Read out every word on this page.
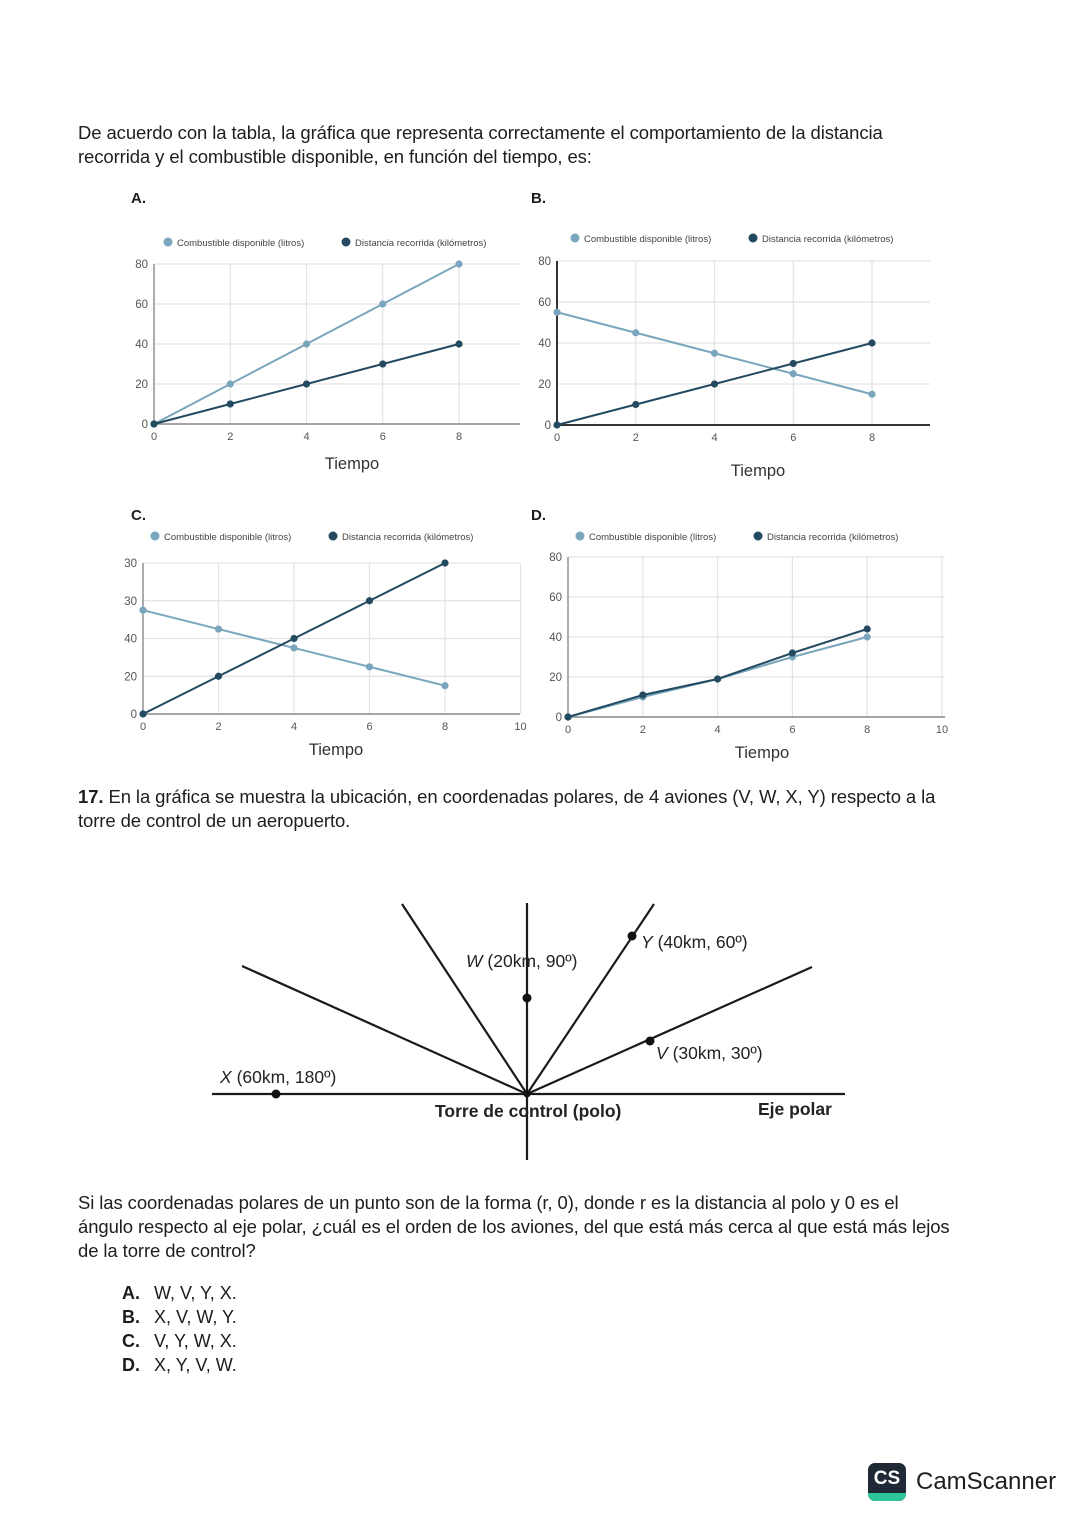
De acuerdo con la tabla, la gráfica que representa correctamente el comportamiento de la distancia
recorrida y el combustible disponible, en función del tiempo, es:
A.	B.
C.	D.
0
20
40
60
80
0	2	4	6	8
Combustible disponible (litros)	Distancia recorrida (kilómetros)
Tiempo
0
20
40
60
80
0	2	4	6	8
Combustible disponible (litros)	Distancia recorrida (kilómetros)
Tiempo
0
20
40
30
30
0	2	4	6	8	10
Combustible disponible (litros)	Distancia recorrida (kilómetros)
Tiempo
0
20
40
60
80
0	2	4	6	8	10
Combustible disponible (litros)	Distancia recorrida (kilómetros)
Tiempo
17. En la gráfica se muestra la ubicación, en coordenadas polares, de 4 aviones (V, W, X, Y) respecto a la
torre de control de un aeropuerto.
W (20km, 90º)
Y (40km, 60º)
V (30km, 30º)
X (60km, 180º)
Torre de control (polo)	Eje polar
Si las coordenadas polares de un punto son de la forma (r, 0), donde r es la distancia al polo y 0 es el
ángulo respecto al eje polar, ¿cuál es el orden de los aviones, del que está más cerca al que está más lejos
de la torre de control?
A. W, V, Y, X.
B. X, V, W, Y.
C. V, Y, W, X.
D. X, Y, V, W.
CS CamScanner
